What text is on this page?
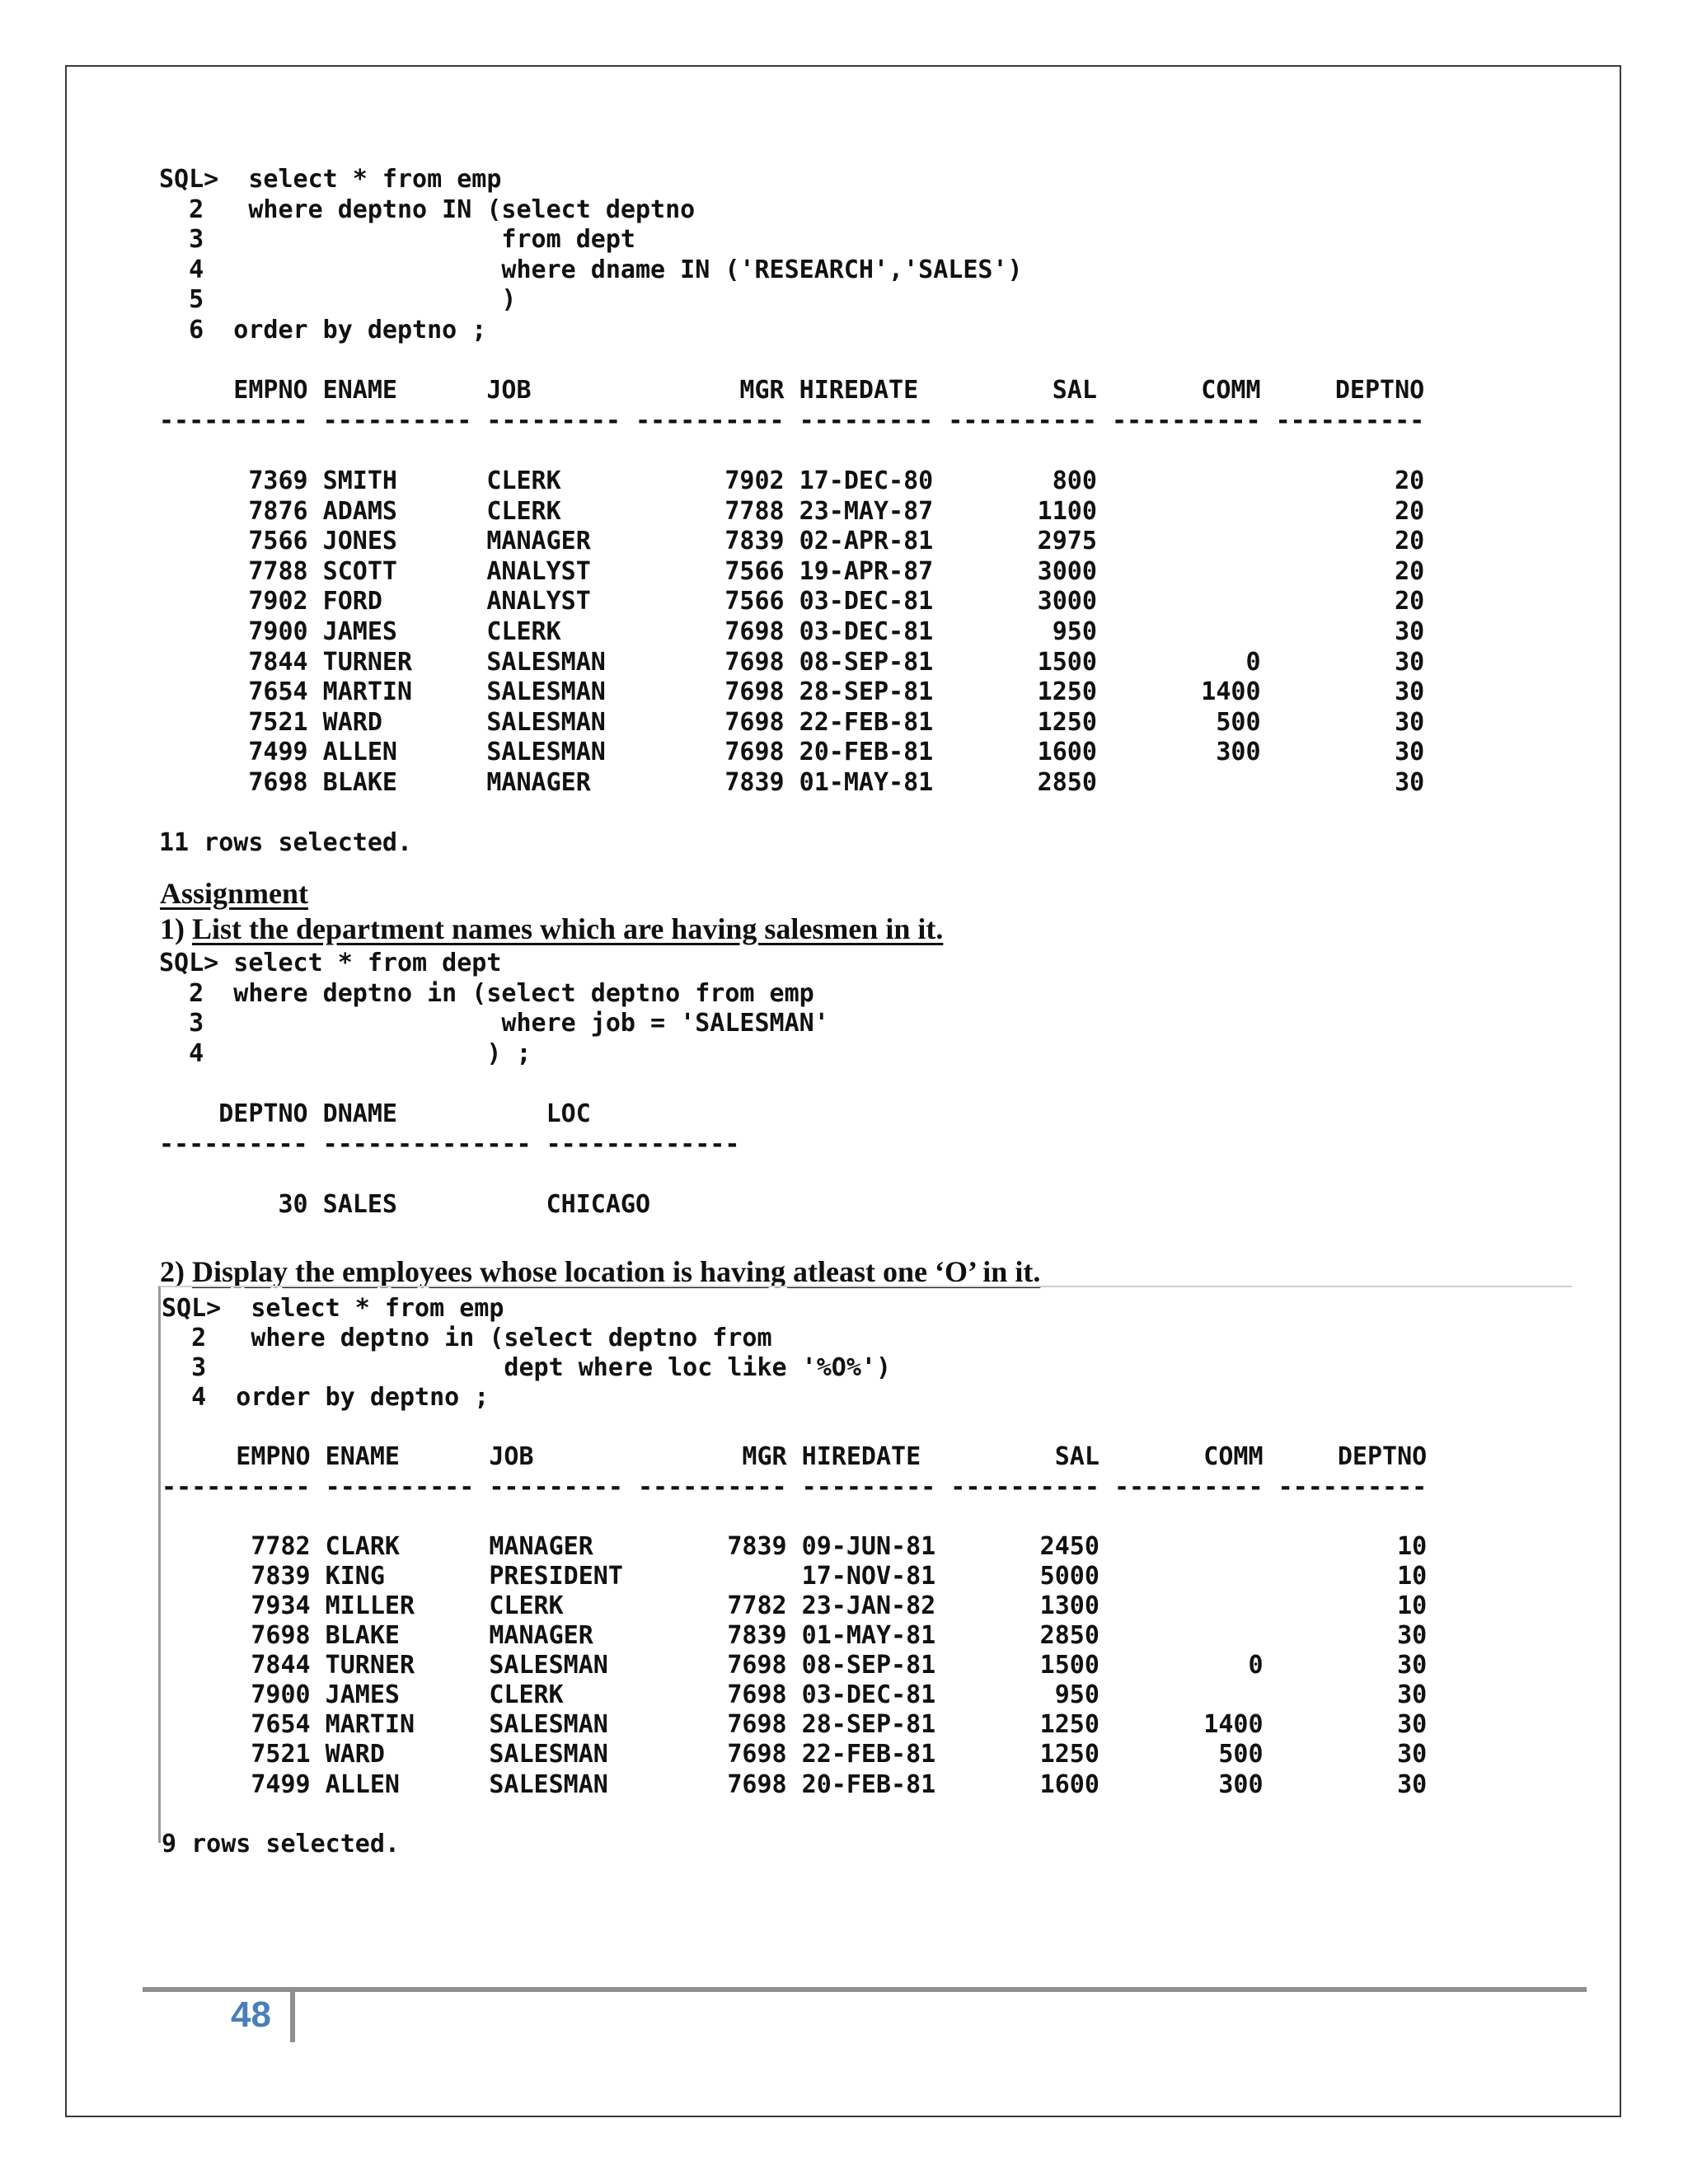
SQL>  select * from emp
2   where deptno IN (select deptno
3                    from dept
4                    where dname IN ('RESEARCH','SALES')
5                    )
6  order by deptno ;

EMPNO ENAME      JOB              MGR HIREDATE         SAL       COMM     DEPTNO
---------- ---------- --------- ---------- --------- ---------- ---------- ----------

7369 SMITH      CLERK           7902 17-DEC-80        800                    20
7876 ADAMS      CLERK           7788 23-MAY-87       1100                    20
7566 JONES      MANAGER         7839 02-APR-81       2975                    20
7788 SCOTT      ANALYST         7566 19-APR-87       3000                    20
7902 FORD       ANALYST         7566 03-DEC-81       3000                    20
7900 JAMES      CLERK           7698 03-DEC-81        950                    30
7844 TURNER     SALESMAN        7698 08-SEP-81       1500          0         30
7654 MARTIN     SALESMAN        7698 28-SEP-81       1250       1400         30
7521 WARD       SALESMAN        7698 22-FEB-81       1250        500         30
7499 ALLEN      SALESMAN        7698 20-FEB-81       1600        300         30
7698 BLAKE      MANAGER         7839 01-MAY-81       2850                    30

11 rows selected.

Assignment
1) List the department names which are having salesmen in it.
SQL> select * from dept
2  where deptno in (select deptno from emp
3                    where job = 'SALESMAN'
4                   ) ;

DEPTNO DNAME          LOC
---------- -------------- -------------

30 SALES          CHICAGO

2) Display the employees whose location is having atleast one ‘O’ in it.
SQL>  select * from emp
2   where deptno in (select deptno from
3                    dept where loc like '%O%')
4  order by deptno ;

EMPNO ENAME      JOB              MGR HIREDATE         SAL       COMM     DEPTNO
---------- ---------- --------- ---------- --------- ---------- ---------- ----------

7782 CLARK      MANAGER         7839 09-JUN-81       2450                    10
7839 KING       PRESIDENT            17-NOV-81       5000                    10
7934 MILLER     CLERK           7782 23-JAN-82       1300                    10
7698 BLAKE      MANAGER         7839 01-MAY-81       2850                    30
7844 TURNER     SALESMAN        7698 08-SEP-81       1500          0         30
7900 JAMES      CLERK           7698 03-DEC-81        950                    30
7654 MARTIN     SALESMAN        7698 28-SEP-81       1250       1400         30
7521 WARD       SALESMAN        7698 22-FEB-81       1250        500         30
7499 ALLEN      SALESMAN        7698 20-FEB-81       1600        300         30

9 rows selected.

48
